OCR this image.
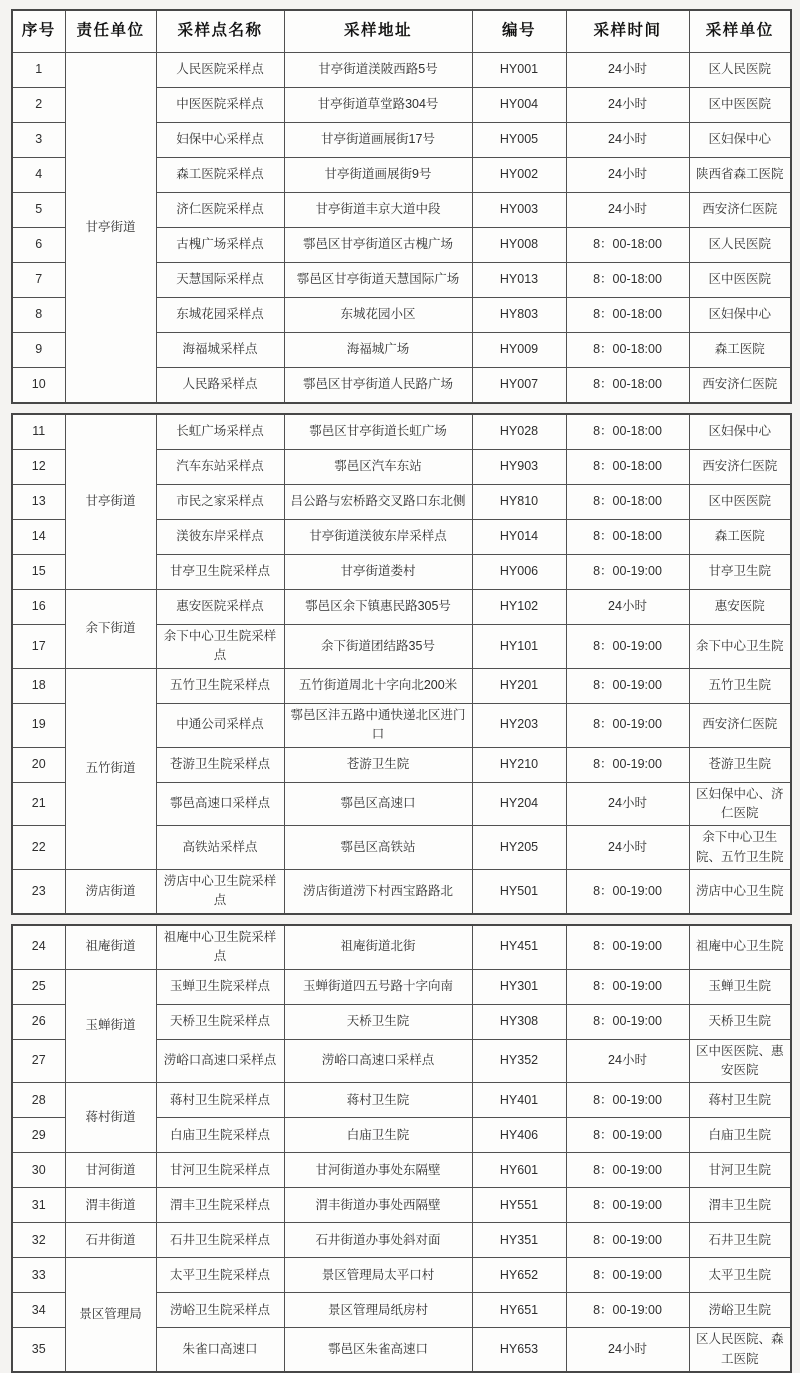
序号	责任单位	采样点名称	采样地址	编号	采样时间	采样单位
1	甘亭街道	人民医院采样点	甘亭街道渼陂西路5号	HY001	24小时	区人民医院
2		中医医院采样点	甘亭街道草堂路304号	HY004	24小时	区中医医院
3		妇保中心采样点	甘亭街道画展街17号	HY005	24小时	区妇保中心
4		森工医院采样点	甘亭街道画展街9号	HY002	24小时	陕西省森工医院
5		济仁医院采样点	甘亭街道丰京大道中段	HY003	24小时	西安济仁医院
6		古槐广场采样点	鄠邑区甘亭街道区古槐广场	HY008	8：00-18:00	区人民医院
7		天慧国际采样点	鄠邑区甘亭街道天慧国际广场	HY013	8：00-18:00	区中医医院
8		东城花园采样点	东城花园小区	HY803	8：00-18:00	区妇保中心
9		海福城采样点	海福城广场	HY009	8：00-18:00	森工医院
10		人民路采样点	鄠邑区甘亭街道人民路广场	HY007	8：00-18:00	西安济仁医院
11	甘亭街道	长虹广场采样点	鄠邑区甘亭街道长虹广场	HY028	8：00-18:00	区妇保中心
12		汽车东站采样点	鄠邑区汽车东站	HY903	8：00-18:00	西安济仁医院
13		市民之家采样点	吕公路与宏桥路交叉路口东北侧	HY810	8：00-18:00	区中医医院
14		渼彼东岸采样点	甘亭街道渼彼东岸采样点	HY014	8：00-18:00	森工医院
15		甘亭卫生院采样点	甘亭街道娄村	HY006	8：00-19:00	甘亭卫生院
16	余下街道	惠安医院采样点	鄠邑区余下镇惠民路305号	HY102	24小时	惠安医院
17		余下中心卫生院采样点	余下街道团结路35号	HY101	8：00-19:00	余下中心卫生院
18	五竹街道	五竹卫生院采样点	五竹街道周北十字向北200米	HY201	8：00-19:00	五竹卫生院
19		中通公司采样点	鄠邑区沣五路中通快递北区进门口	HY203	8：00-19:00	西安济仁医院
20		苍游卫生院采样点	苍游卫生院	HY210	8：00-19:00	苍游卫生院
21		鄠邑高速口采样点	鄠邑区高速口	HY204	24小时	区妇保中心、济仁医院
22		高铁站采样点	鄠邑区高铁站	HY205	24小时	余下中心卫生院、五竹卫生院
23	涝店街道	涝店中心卫生院采样点	涝店街道涝下村西宝路路北	HY501	8：00-19:00	涝店中心卫生院
24	祖庵街道	祖庵中心卫生院采样点	祖庵街道北街	HY451	8：00-19:00	祖庵中心卫生院
25	玉蝉街道	玉蝉卫生院采样点	玉蝉街道四五号路十字向南	HY301	8：00-19:00	玉蝉卫生院
26		天桥卫生院采样点	天桥卫生院	HY308	8：00-19:00	天桥卫生院
27		涝峪口高速口采样点	涝峪口高速口采样点	HY352	24小时	区中医医院、惠安医院
28	蒋村街道	蒋村卫生院采样点	蒋村卫生院	HY401	8：00-19:00	蒋村卫生院
29		白庙卫生院采样点	白庙卫生院	HY406	8：00-19:00	白庙卫生院
30	甘河街道	甘河卫生院采样点	甘河街道办事处东隔壁	HY601	8：00-19:00	甘河卫生院
31	渭丰街道	渭丰卫生院采样点	渭丰街道办事处西隔壁	HY551	8：00-19:00	渭丰卫生院
32	石井街道	石井卫生院采样点	石井街道办事处斜对面	HY351	8：00-19:00	石井卫生院
33	景区管理局	太平卫生院采样点	景区管理局太平口村	HY652	8：00-19:00	太平卫生院
34		涝峪卫生院采样点	景区管理局纸房村	HY651	8：00-19:00	涝峪卫生院
35		朱雀口高速口	鄠邑区朱雀高速口	HY653	24小时	区人民医院、森工医院
